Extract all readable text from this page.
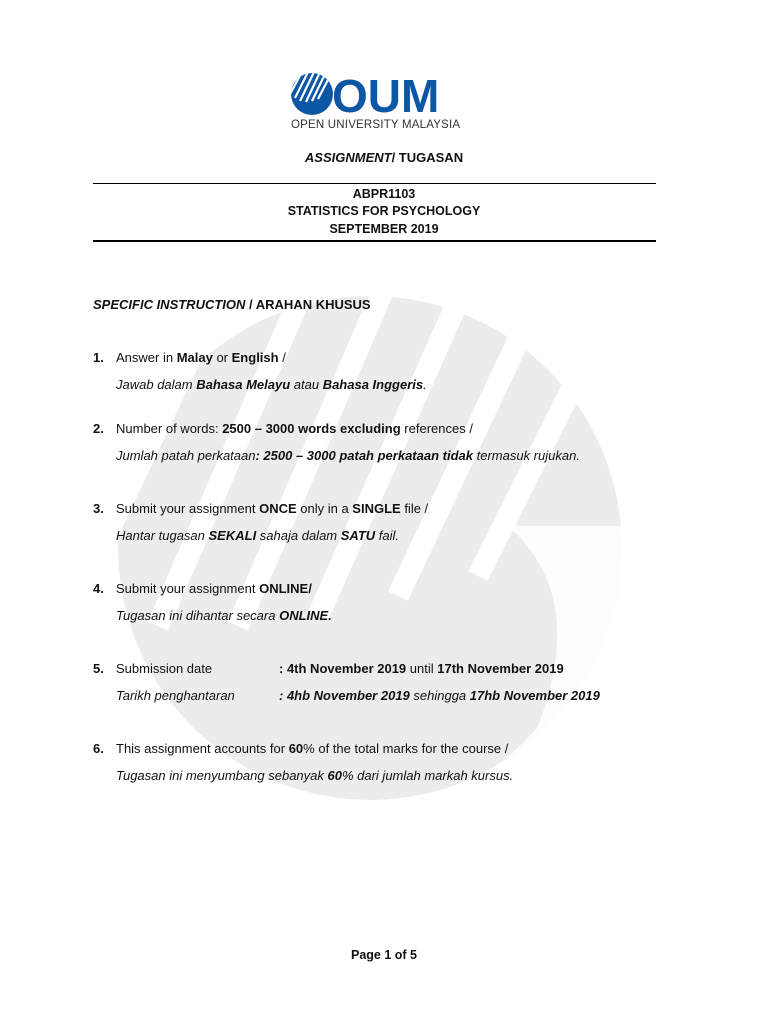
OUM
OPEN UNIVERSITY MALAYSIA
ASSIGNMENT/ TUGASAN
ABPR1103
STATISTICS FOR PSYCHOLOGY
SEPTEMBER 2019
SPECIFIC INSTRUCTION / ARAHAN KHUSUS
1. Answer in Malay or English /
Jawab dalam Bahasa Melayu atau Bahasa Inggeris.
2. Number of words: 2500 – 3000 words excluding references /
Jumlah patah perkataan: 2500 – 3000 patah perkataan tidak termasuk rujukan.
3. Submit your assignment ONCE only in a SINGLE file /
Hantar tugasan SEKALI sahaja dalam SATU fail.
4. Submit your assignment ONLINE/
Tugasan ini dihantar secara ONLINE.
5. Submission date	: 4th November 2019 until 17th November 2019
Tarikh penghantaran	: 4hb November 2019 sehingga 17hb November 2019
6. This assignment accounts for 60% of the total marks for the course /
Tugasan ini menyumbang sebanyak 60% dari jumlah markah kursus.
Page 1 of 5
